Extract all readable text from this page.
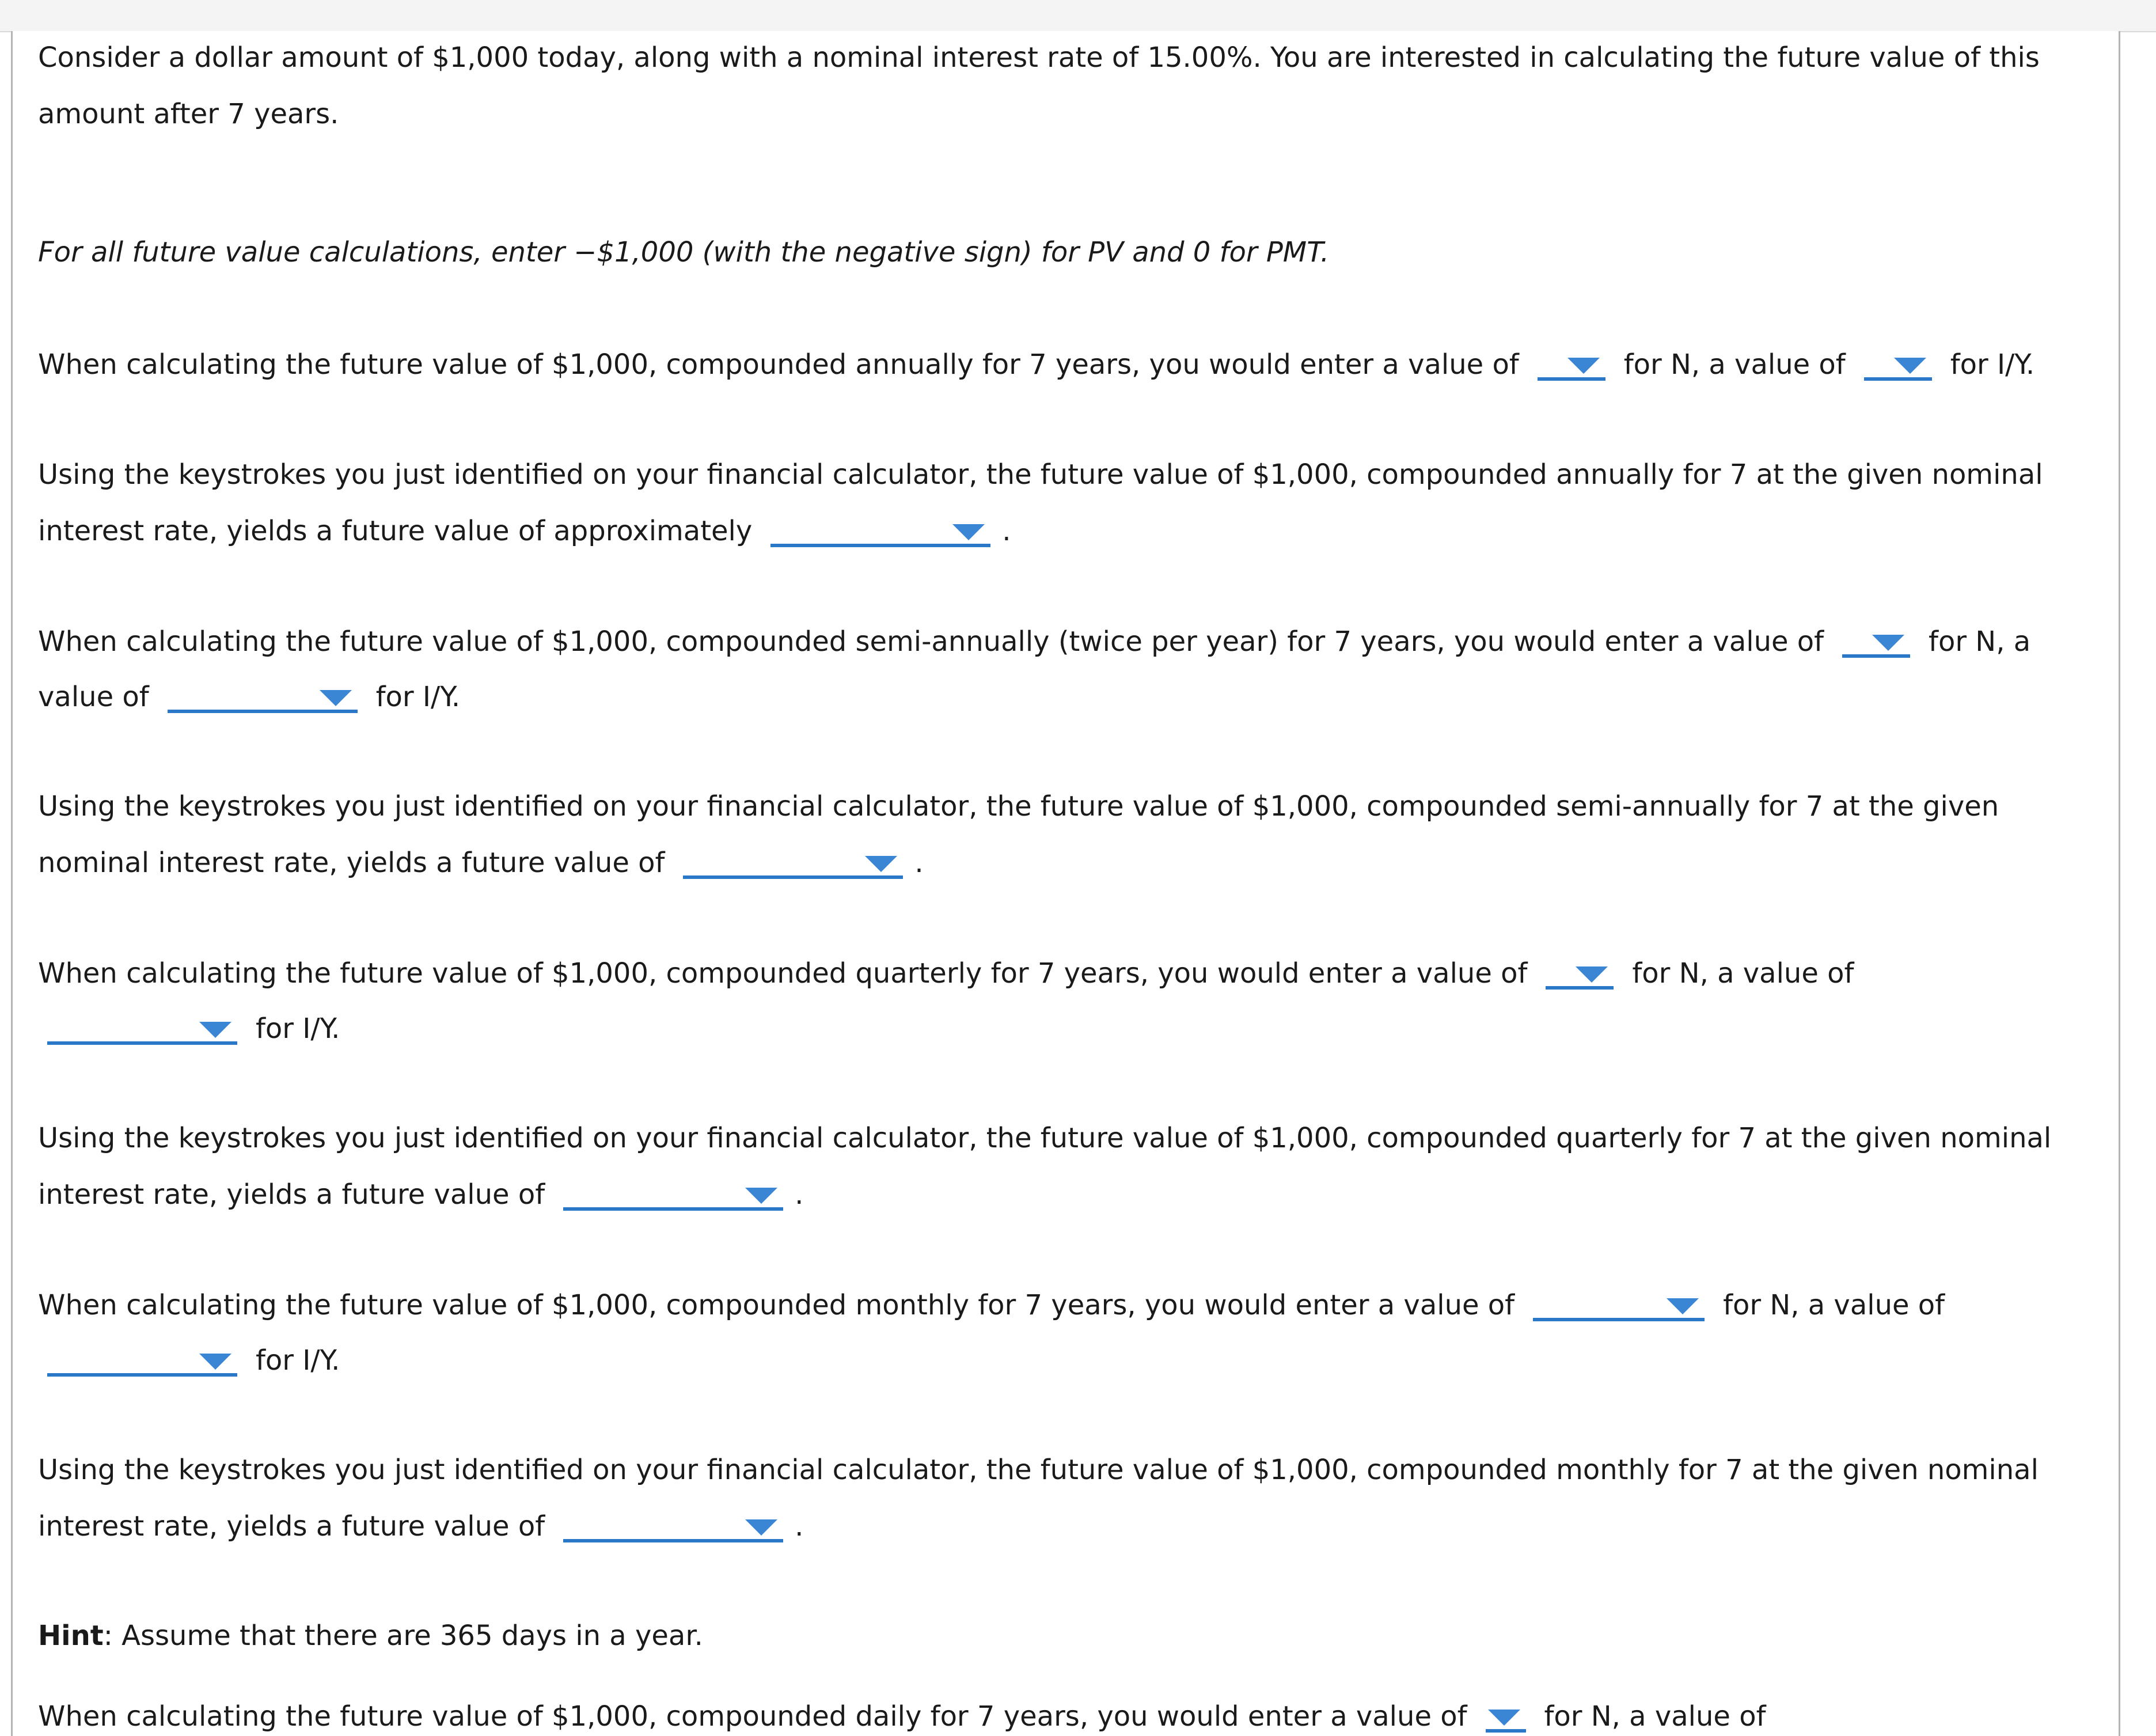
Consider a dollar amount of $1,000 today, along with a nominal interest rate of 15.00%. You are interested in calculating the future value of this
amount after 7 years.
For all future value calculations, enter −$1,000 (with the negative sign) for PV and 0 for PMT.
When calculating the future value of $1,000, compounded annually for 7 years, you would enter a value of	for N, a value of	for I/Y.
Using the keystrokes you just identified on your financial calculator, the future value of $1,000, compounded annually for 7 at the given nominal
interest rate, yields a future value of approximately	.
When calculating the future value of $1,000, compounded semi-annually (twice per year) for 7 years, you would enter a value of	for N, a
value of	for I/Y.
Using the keystrokes you just identified on your financial calculator, the future value of $1,000, compounded semi-annually for 7 at the given
nominal interest rate, yields a future value of	.
When calculating the future value of $1,000, compounded quarterly for 7 years, you would enter a value of	for N, a value of
for I/Y.
Using the keystrokes you just identified on your financial calculator, the future value of $1,000, compounded quarterly for 7 at the given nominal
interest rate, yields a future value of	.
When calculating the future value of $1,000, compounded monthly for 7 years, you would enter a value of	for N, a value of
for I/Y.
Using the keystrokes you just identified on your financial calculator, the future value of $1,000, compounded monthly for 7 at the given nominal
interest rate, yields a future value of	.
Hint: Assume that there are 365 days in a year.
When calculating the future value of $1,000, compounded daily for 7 years, you would enter a value of	for N, a value of
